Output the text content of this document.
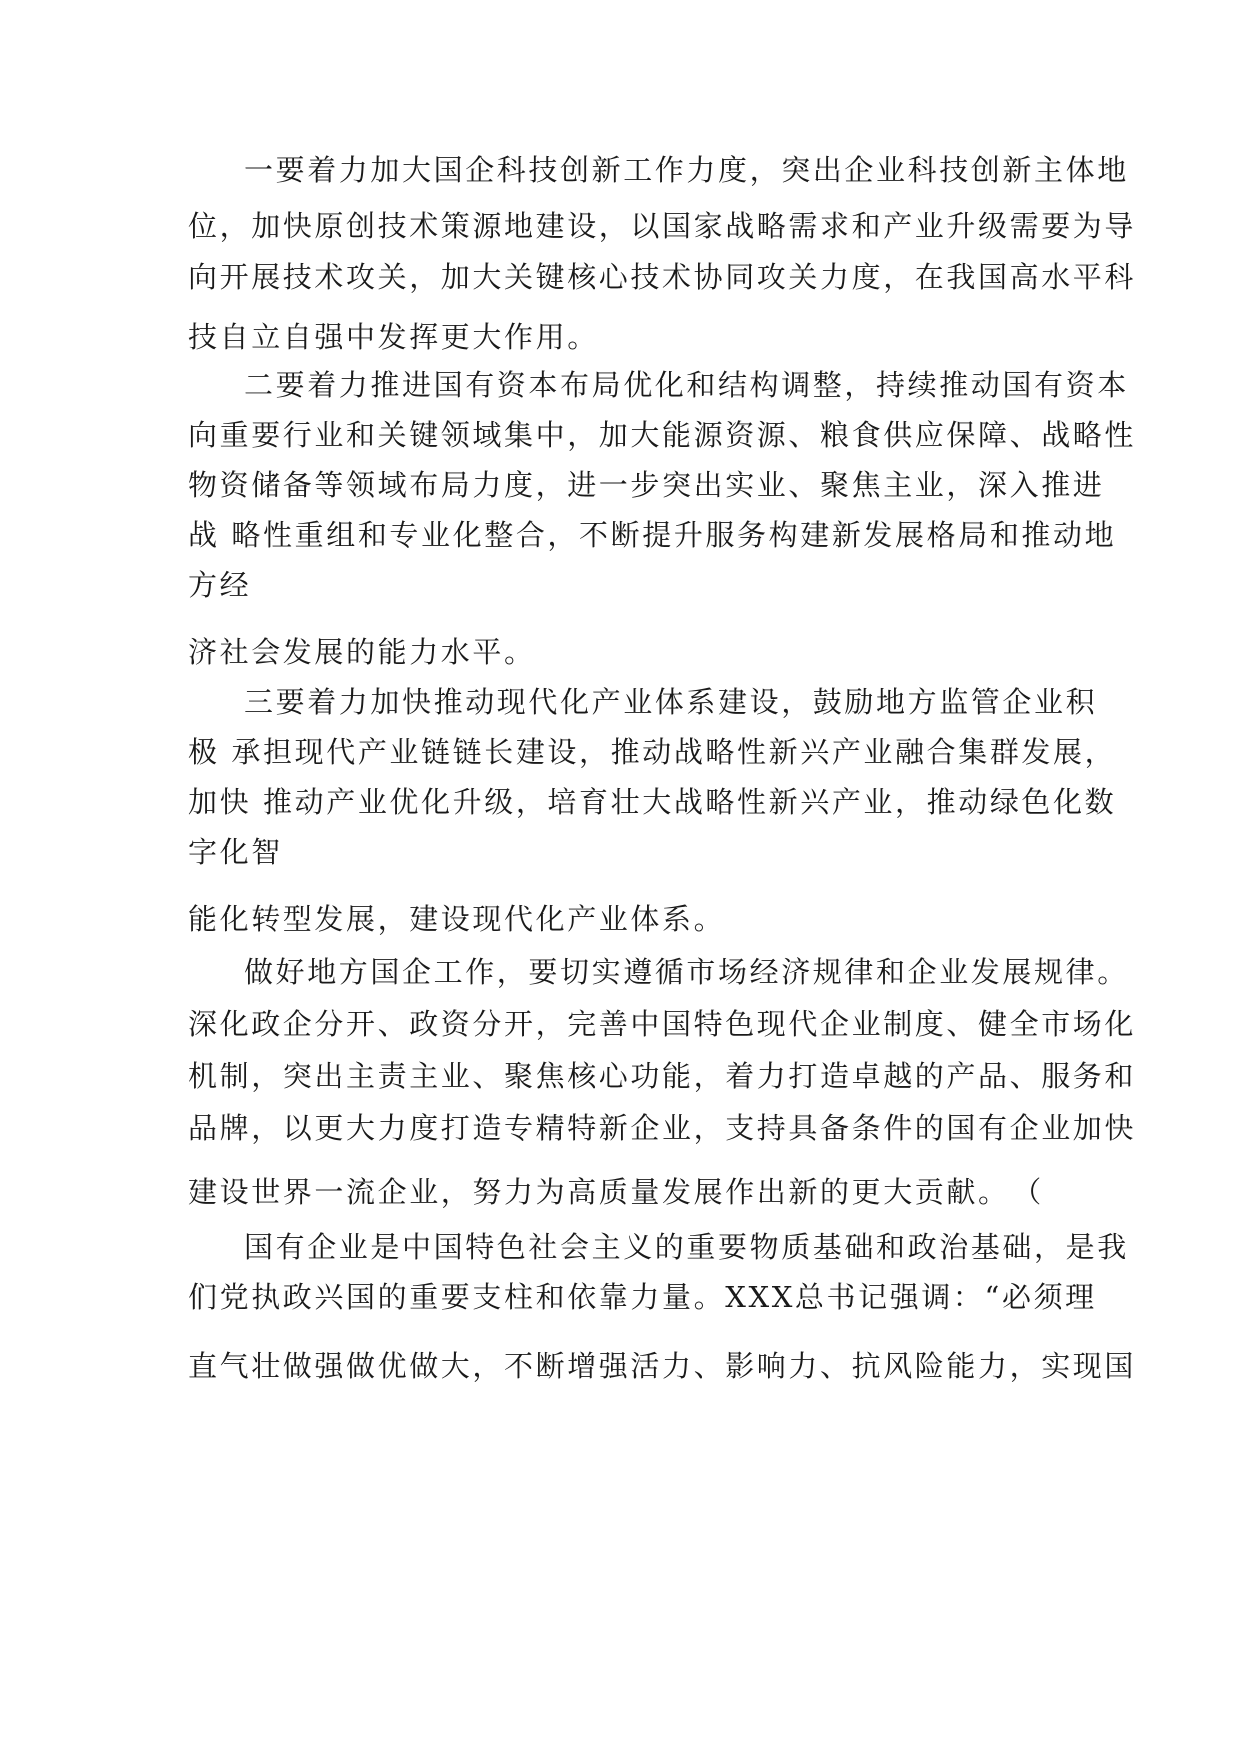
一要着力加大国企科技创新工作力度，突出企业科技创新主体地

位，加快原创技术策源地建设，以国家战略需求和产业升级需要为导

向开展技术攻关，加大关键核心技术协同攻关力度，在我国高水平科

技自立自强中发挥更大作用。

二要着力推进国有资本布局优化和结构调整，持续推动国有资本

向重要行业和关键领域集中，加大能源资源、粮食供应保障、战略性

物资储备等领域布局力度，进一步突出实业、聚焦主业，深入推进

战 略性重组和专业化整合，不断提升服务构建新发展格局和推动地

方经

济社会发展的能力水平。

三要着力加快推动现代化产业体系建设，鼓励地方监管企业积

极 承担现代产业链链长建设，推动战略性新兴产业融合集群发展，

加快 推动产业优化升级，培育壮大战略性新兴产业，推动绿色化数

字化智

能化转型发展，建设现代化产业体系。

做好地方国企工作，要切实遵循市场经济规律和企业发展规律。

深化政企分开、政资分开，完善中国特色现代企业制度、健全市场化

机制，突出主责主业、聚焦核心功能，着力打造卓越的产品、服务和

品牌，以更大力度打造专精特新企业，支持具备条件的国有企业加快

建设世界一流企业，努力为高质量发展作出新的更大贡献。　（

国有企业是中国特色社会主义的重要物质基础和政治基础，是我

们党执政兴国的重要支柱和依靠力量。XXX总书记强调：“必须理

直气壮做强做优做大，不断增强活力、影响力、抗风险能力，实现国
